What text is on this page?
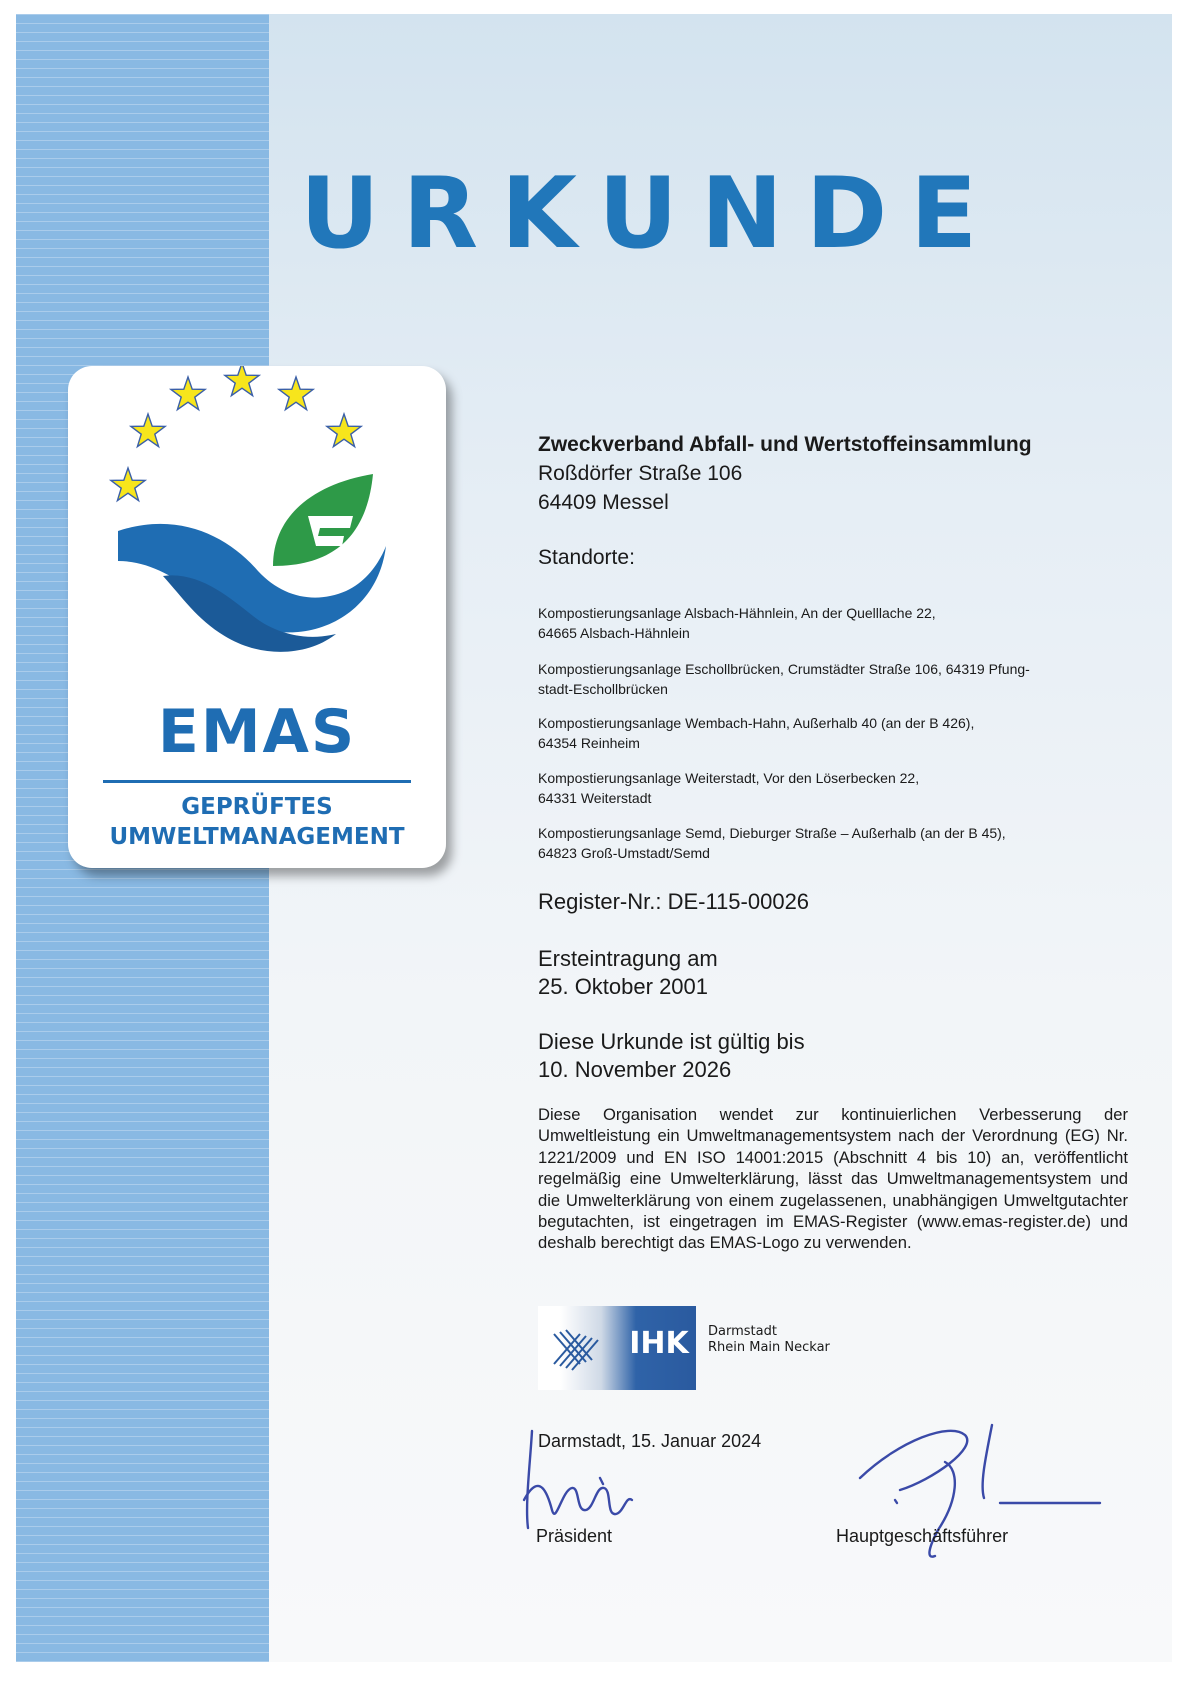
URKUNDE
EMAS
GEPRÜFTES
UMWELTMANAGEMENT
Zweckverband Abfall- und Wertstoffeinsammlung
Roßdörfer Straße 106
64409 Messel
Standorte:
Kompostierungsanlage Alsbach-Hähnlein, An der Quelllache 22,
64665 Alsbach-Hähnlein
Kompostierungsanlage Eschollbrücken, Crumstädter Straße 106, 64319 Pfung-
stadt-Eschollbrücken
Kompostierungsanlage Wembach-Hahn, Außerhalb 40 (an der B 426),
64354 Reinheim
Kompostierungsanlage Weiterstadt, Vor den Löserbecken 22,
64331 Weiterstadt
Kompostierungsanlage Semd, Dieburger Straße – Außerhalb (an der B 45),
64823 Groß-Umstadt/Semd
Register-Nr.: DE-115-00026
Ersteintragung am
25. Oktober 2001
Diese Urkunde ist gültig bis
10. November 2026
Diese Organisation wendet zur kontinuierlichen Verbesserung der Umweltleistung ein Umweltmanagementsystem nach der Verordnung (EG) Nr. 1221/2009 und EN ISO 14001:2015 (Abschnitt 4 bis 10) an, veröffentlicht regelmäßig eine Umwelterklärung, lässt das Umweltmanagementsystem und die Umwelterklärung von einem zugelassenen, unabhängigen Umweltgutachter begutachten, ist eingetragen im EMAS-Register (www.emas-register.de) und deshalb berechtigt das EMAS-Logo zu verwenden.
IHK	Darmstadt
Rhein Main Neckar
Darmstadt, 15. Januar 2024
Präsident	Hauptgeschäftsführer
